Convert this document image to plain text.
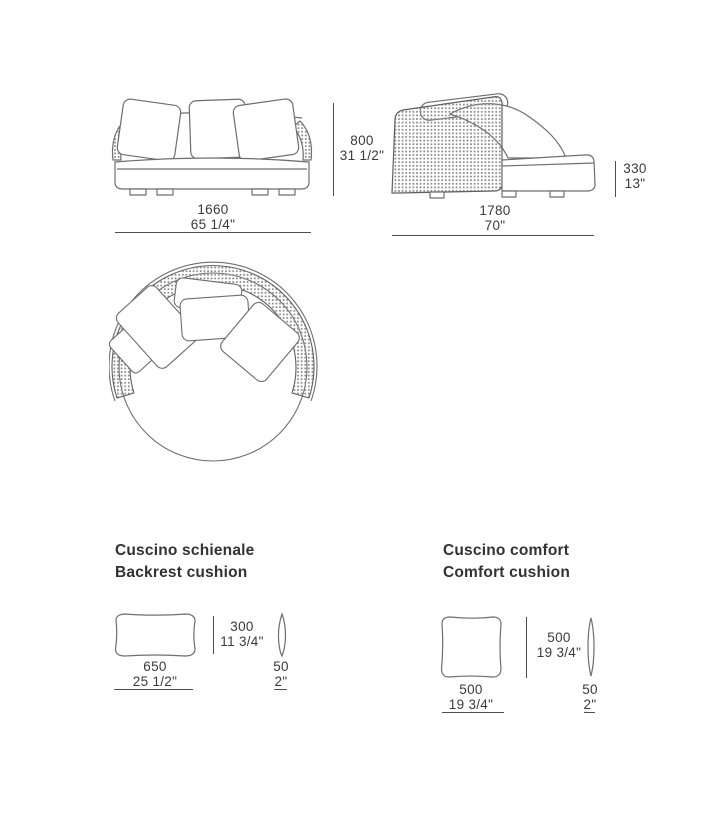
800
31 1/2"
1660
65 1/4"
1780
70"
330
13"
Cuscino schienale
Backrest cushion
650
25 1/2"
300
11 3/4"
50
2"
Cuscino comfort
Comfort cushion
500
19 3/4"
500
19 3/4"
50
2"
